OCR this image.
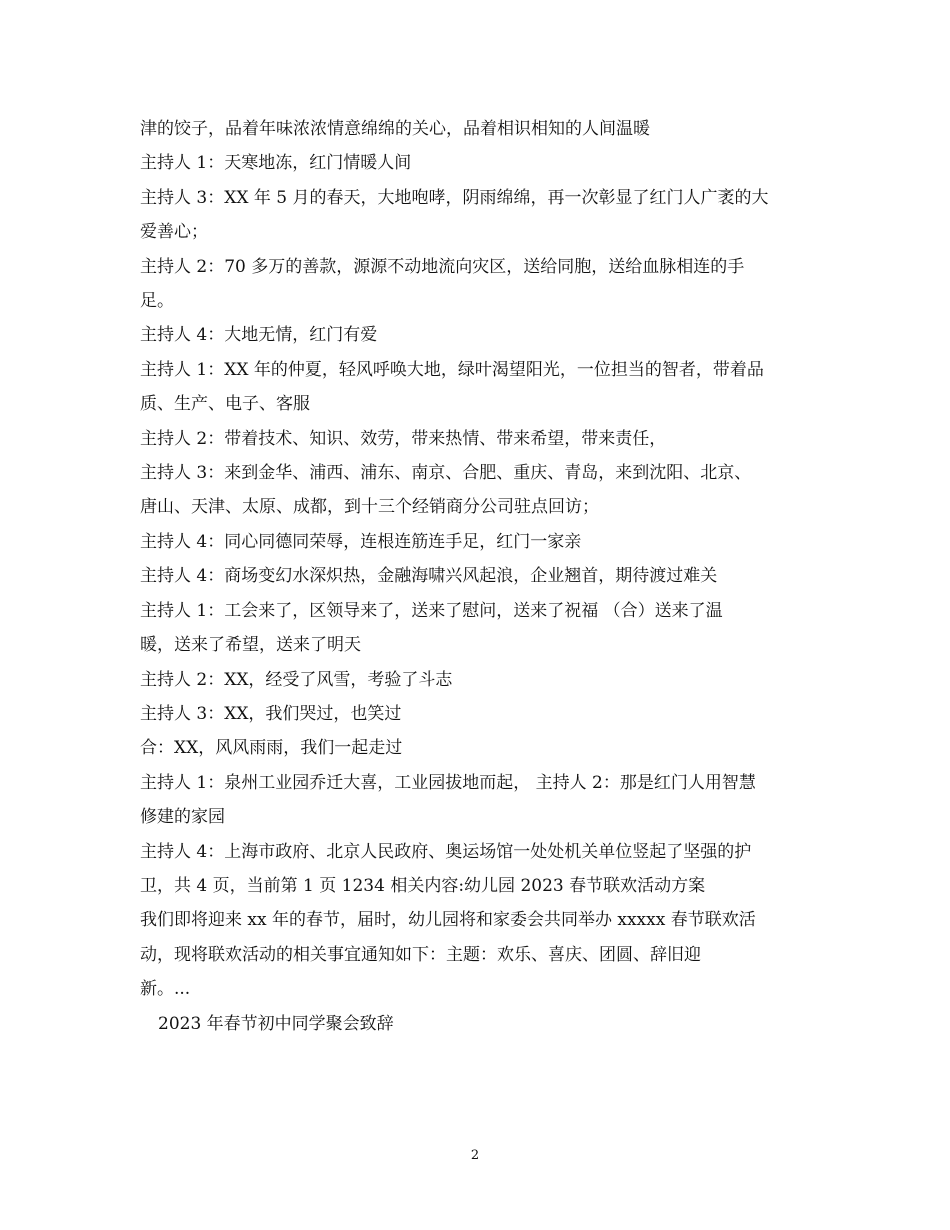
津的饺子，品着年味浓浓情意绵绵的关心，品着相识相知的人间温暖
主持人 1：天寒地冻，红门情暖人间
主持人 3：XX 年 5 月的春天，大地咆哮，阴雨绵绵，再一次彰显了红门人广袤的大
爱善心；
主持人 2：70 多万的善款，源源不动地流向灾区，送给同胞，送给血脉相连的手
足。
主持人 4：大地无情，红门有爱
主持人 1：XX 年的仲夏，轻风呼唤大地，绿叶渴望阳光，一位担当的智者，带着品
质、生产、电子、客服
主持人 2：带着技术、知识、效劳，带来热情、带来希望，带来责任，
主持人 3：来到金华、浦西、浦东、南京、合肥、重庆、青岛，来到沈阳、北京、
唐山、天津、太原、成都，到十三个经销商分公司驻点回访；
主持人 4：同心同德同荣辱，连根连筋连手足，红门一家亲
主持人 4：商场变幻水深炽热，金融海啸兴风起浪，企业翘首，期待渡过难关
主持人 1：工会来了，区领导来了，送来了慰问，送来了祝福 （合）送来了温
暖，送来了希望，送来了明天
主持人 2：XX，经受了风雪，考验了斗志
主持人 3：XX，我们哭过，也笑过
合：XX，风风雨雨，我们一起走过
主持人 1：泉州工业园乔迁大喜，工业园拔地而起， 主持人 2：那是红门人用智慧
修建的家园
主持人 4：上海市政府、北京人民政府、奥运场馆一处处机关单位竖起了坚强的护
卫，共 4 页，当前第 1 页 1234 相关内容:幼儿园 2023 春节联欢活动方案
我们即将迎来 xx 年的春节，届时，幼儿园将和家委会共同举办 xxxxx 春节联欢活
动，现将联欢活动的相关事宜通知如下：主题：欢乐、喜庆、团圆、辞旧迎
新。...
2023 年春节初中同学聚会致辞
2
